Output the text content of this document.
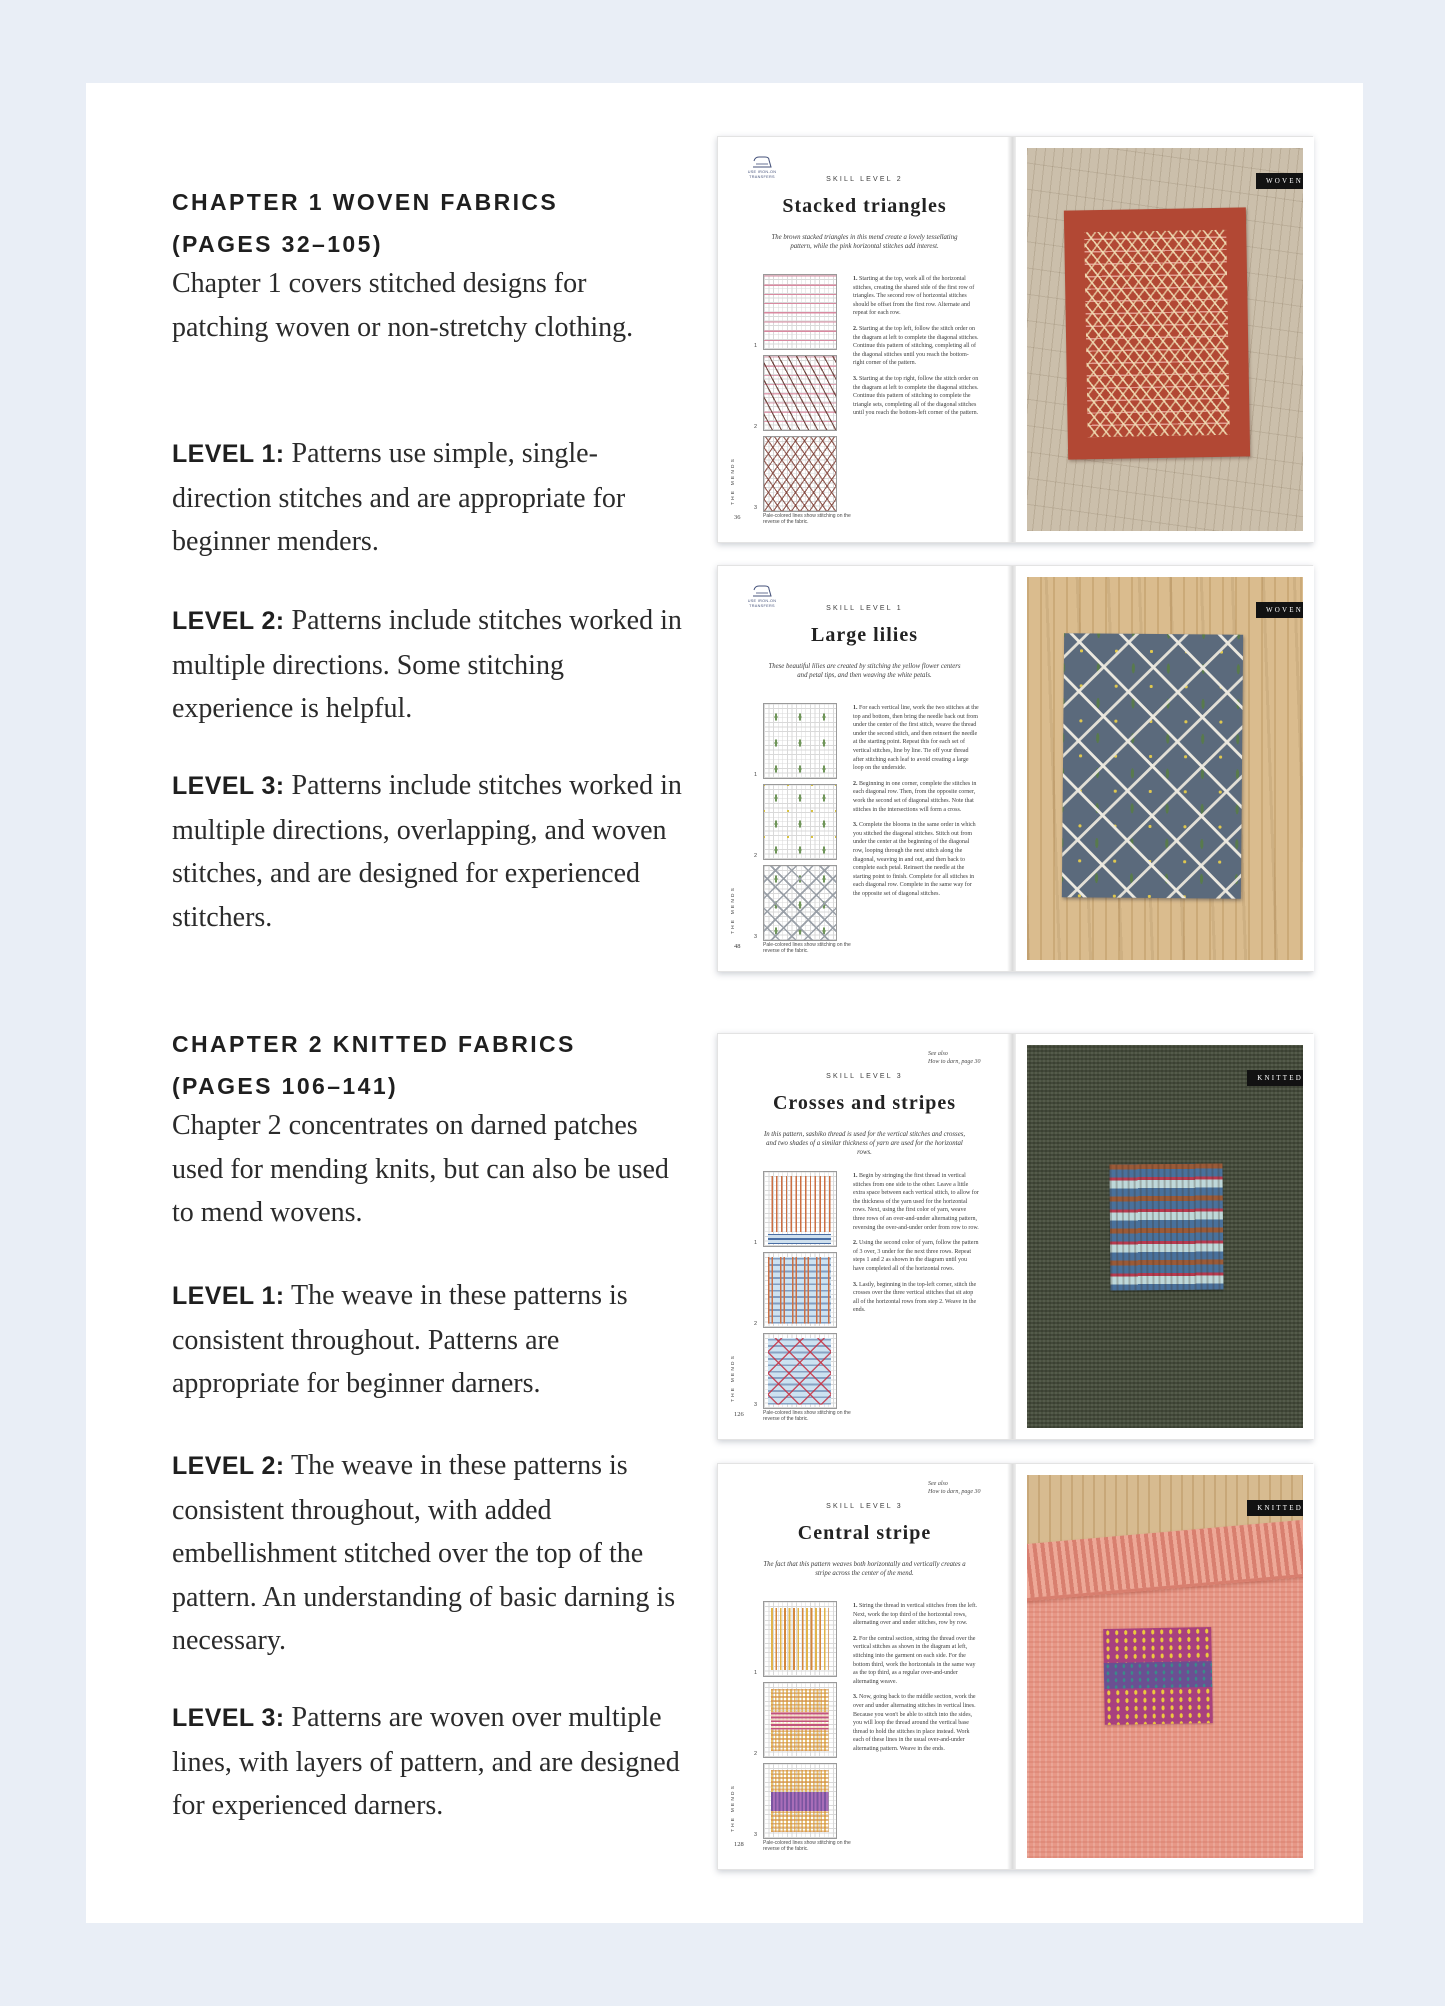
CHAPTER 1 WOVEN FABRICS
(PAGES 32–105)

Chapter 1 covers stitched designs for patching woven or non-stretchy clothing.

LEVEL 1: Patterns use simple, single-direction stitches and are appropriate for beginner menders.

LEVEL 2: Patterns include stitches worked in multiple directions. Some stitching experience is helpful.

LEVEL 3: Patterns include stitches worked in multiple directions, overlapping, and woven stitches, and are designed for experienced stitchers.

CHAPTER 2 KNITTED FABRICS
(PAGES 106–141)

Chapter 2 concentrates on darned patches used for mending knits, but can also be used to mend wovens.

LEVEL 1: The weave in these patterns is consistent throughout. Patterns are appropriate for beginner darners.

LEVEL 2: The weave in these patterns is consistent throughout, with added embellishment stitched over the top of the pattern. An understanding of basic darning is necessary.

LEVEL 3: Patterns are woven over multiple lines, with layers of pattern, and are designed for experienced darners.

USE IRON-ON
TRANSFERS	SKILL LEVEL 2
Stacked triangles

The brown stacked triangles in this mend create a lovely tessellating pattern, while the pink horizontal stitches add interest.

1
2
3

1. Starting at the top, work all of the horizontal stitches, creating the shared side of the first row of triangles. The second row of horizontal stitches should be offset from the first row. Alternate and repeat for each row.

2. Starting at the top left, follow the stitch order on the diagram at left to complete the diagonal stitches. Continue this pattern of stitching, completing all of the diagonal stitches until you reach the bottom-right corner of the pattern.

3. Starting at the top right, follow the stitch order on the diagram at left to complete the diagonal stitches. Continue this pattern of stitching to complete the triangle sets, completing all of the diagonal stitches until you reach the bottom-left corner of the pattern.

THE MENDS
36	Pale-colored lines show stitching on the reverse of the fabric.
WOVEN
USE IRON-ON
TRANSFERS	SKILL LEVEL 1
Large lilies

These beautiful lilies are created by stitching the yellow flower centers and petal tips, and then weaving the white petals.

1
2
3

1. For each vertical line, work the two stitches at the top and bottom, then bring the needle back out from under the center of the first stitch, weave the thread under the second stitch, and then reinsert the needle at the starting point. Repeat this for each set of vertical stitches, line by line. Tie off your thread after stitching each leaf to avoid creating a large loop on the underside.

2. Beginning in one corner, complete the stitches in each diagonal row. Then, from the opposite corner, work the second set of diagonal stitches. Note that stitches in the intersections will form a cross.

3. Complete the blooms in the same order in which you stitched the diagonal stitches. Stitch out from under the center at the beginning of the diagonal row, looping through the next stitch along the diagonal, weaving in and out, and then back to complete each petal. Reinsert the needle at the starting point to finish. Complete for all stitches in each diagonal row. Complete in the same way for the opposite set of diagonal stitches.

THE MENDS
48	Pale-colored lines show stitching on the reverse of the fabric.
WOVEN
See also
How to darn, page 30
SKILL LEVEL 3
Crosses and stripes

In this pattern, sashiko thread is used for the vertical stitches and crosses, and two shades of a similar thickness of yarn are used for the horizontal rows.

1
2
3

1. Begin by stringing the first thread in vertical stitches from one side to the other. Leave a little extra space between each vertical stitch, to allow for the thickness of the yarn used for the horizontal rows. Next, using the first color of yarn, weave three rows of an over-and-under alternating pattern, reversing the over-and-under order from row to row.

2. Using the second color of yarn, follow the pattern of 3 over, 3 under for the next three rows. Repeat steps 1 and 2 as shown in the diagram until you have completed all of the horizontal rows.

3. Lastly, beginning in the top-left corner, stitch the crosses over the three vertical stitches that sit atop all of the horizontal rows from step 2. Weave in the ends.

THE MENDS
126	Pale-colored lines show stitching on the reverse of the fabric.
KNITTED
See also
How to darn, page 30
SKILL LEVEL 3
Central stripe

The fact that this pattern weaves both horizontally and vertically creates a stripe across the center of the mend.

1
2
3

1. String the thread in vertical stitches from the left. Next, work the top third of the horizontal rows, alternating over and under stitches, row by row.

2. For the central section, string the thread over the vertical stitches as shown in the diagram at left, stitching into the garment on each side. For the bottom third, work the horizontals in the same way as the top third, as a regular over-and-under alternating weave.

3. Now, going back to the middle section, work the over and under alternating stitches in vertical lines. Because you won't be able to stitch into the sides, you will loop the thread around the vertical base thread to hold the stitches in place instead. Work each of these lines in the usual over-and-under alternating pattern. Weave in the ends.

THE MENDS
128	Pale-colored lines show stitching on the reverse of the fabric.
KNITTED
